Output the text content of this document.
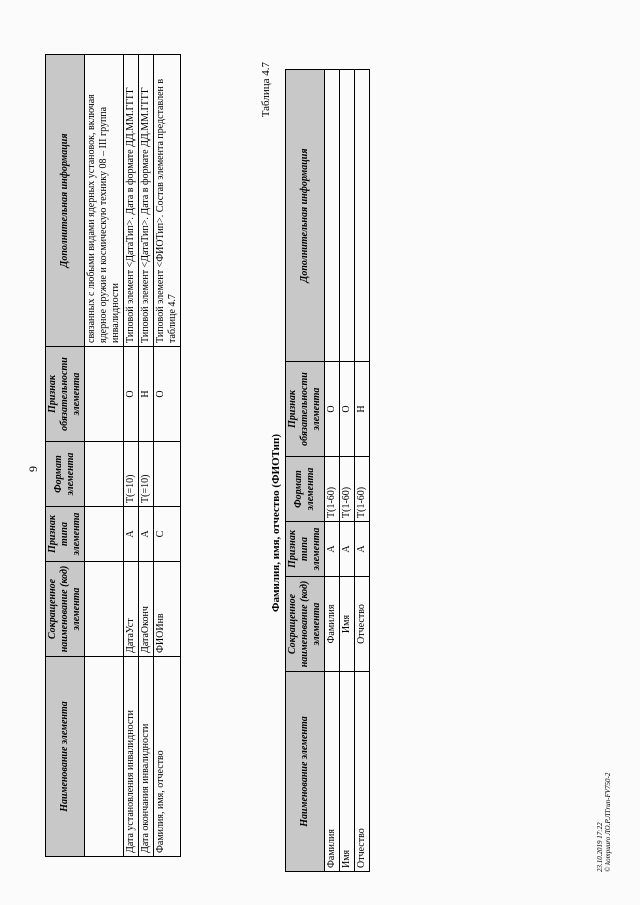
9
Наименование элемента	Сокращенное наименование (код) элемента	Признак типа элемента	Формат элемента	Признак обязательности элемента	Дополнительная информация
					связанных с любыми видами ядерных установок, включая ядерное оружие и космическую технику 08 – III группа инвалидности
Дата установления инвалидности	ДатаУст	А	T(=10)	О	Типовой элемент <ДатаТип>. Дата в формате ДД.ММ.ГГГГ
Дата окончания инвалидности	ДатаОконч	А	T(=10)	Н	Типовой элемент <ДатаТип>. Дата в формате ДД.ММ.ГГГГ
Фамилия, имя, отчество	ФИОИнв	С		О	Типовой элемент <ФИОТип>. Состав элемента представлен в таблице 4.7
Таблица 4.7
Фамилия, имя, отчество (ФИОТип)
Наименование элемента	Сокращенное наименование (код) элемента	Признак типа элемента	Формат элемента	Признак обязательности элемента	Дополнительная информация
Фамилия	Фамилия	А	T(1-60)	О	
Имя	Имя	А	T(1-60)	О	
Отчество	Отчество	А	T(1-60)	Н	
23.10.2019 17:22 © kompuuro ЛО.Р.ЛТrun-FV750-2
